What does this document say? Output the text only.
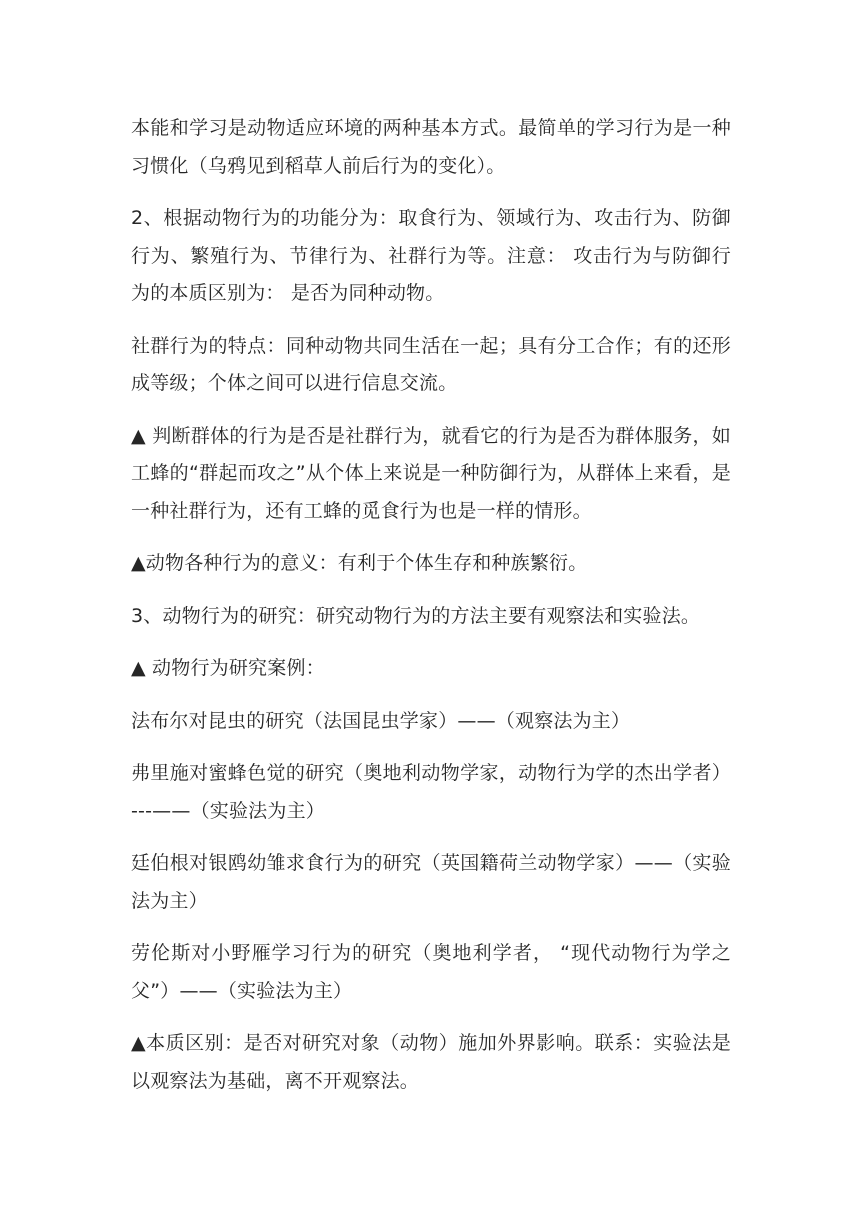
本能和学习是动物适应环境的两种基本方式。最简单的学习行为是一种习惯化（乌鸦见到稻草人前后行为的变化）。

2、根据动物行为的功能分为：取食行为、领域行为、攻击行为、防御行为、繁殖行为、节律行为、社群行为等。注意： 攻击行为与防御行为的本质区别为： 是否为同种动物。

社群行为的特点：同种动物共同生活在一起；具有分工合作；有的还形成等级；个体之间可以进行信息交流。

▲ 判断群体的行为是否是社群行为，就看它的行为是否为群体服务，如工蜂的“群起而攻之”从个体上来说是一种防御行为，从群体上来看，是一种社群行为，还有工蜂的觅食行为也是一样的情形。

▲动物各种行为的意义：有利于个体生存和种族繁衍。

3、动物行为的研究：研究动物行为的方法主要有观察法和实验法。

▲ 动物行为研究案例：

法布尔对昆虫的研究（法国昆虫学家）——（观察法为主）

弗里施对蜜蜂色觉的研究（奥地利动物学家，动物行为学的杰出学者）---——（实验法为主）

廷伯根对银鸥幼雏求食行为的研究（英国籍荷兰动物学家）——（实验法为主）

劳伦斯对小野雁学习行为的研究（奥地利学者， “现代动物行为学之父”）——（实验法为主）

▲本质区别：是否对研究对象（动物）施加外界影响。联系：实验法是以观察法为基础，离不开观察法。
